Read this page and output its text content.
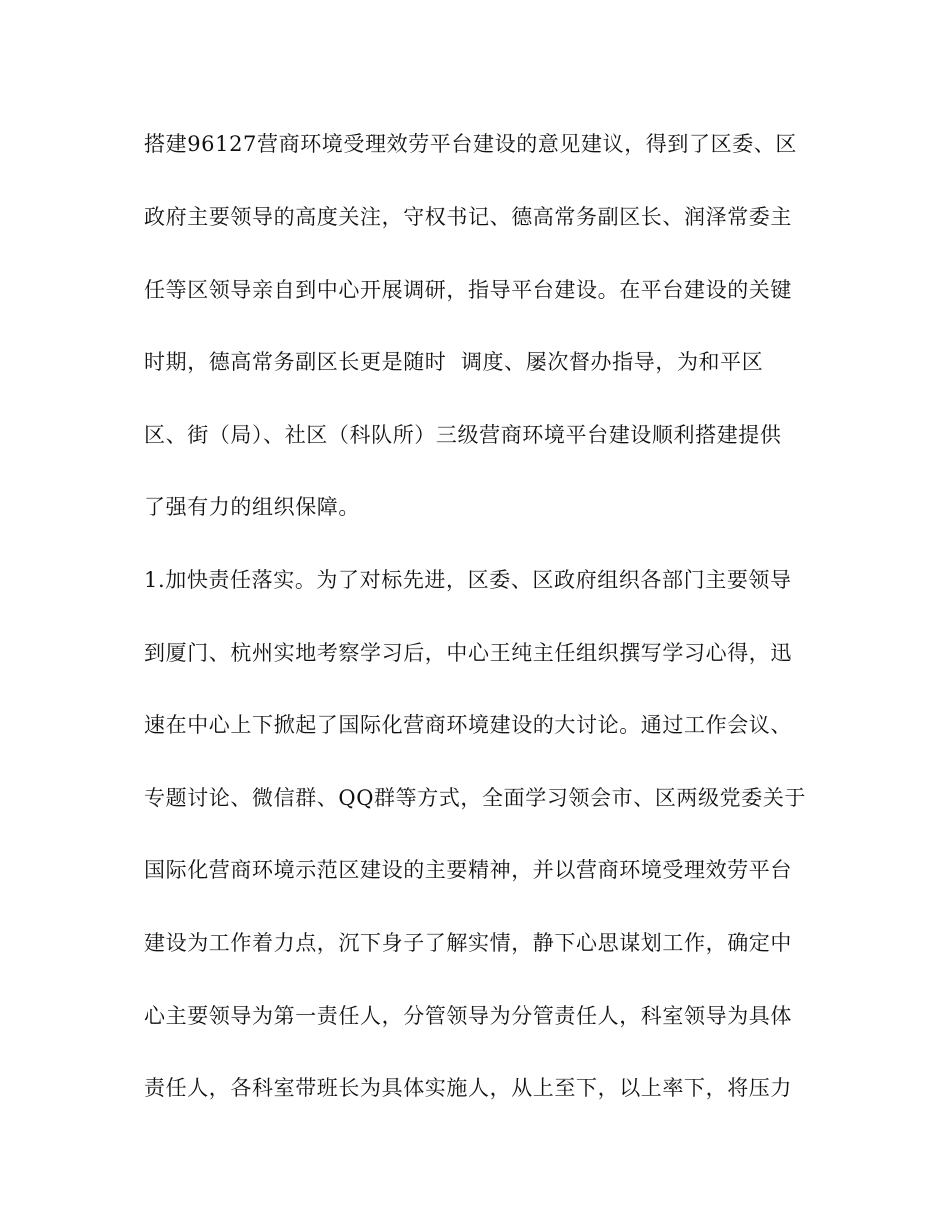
搭建96127营商环境受理效劳平台建设的意见建议，得到了区委、区
政府主要领导的高度关注，守权书记、德高常务副区长、润泽常委主
任等区领导亲自到中心开展调研，指导平台建设。在平台建设的关键
时期，德高常务副区长更是随时  调度、屡次督办指导，为和平区
区、街（局）、社区（科队所）三级营商环境平台建设顺利搭建提供
了强有力的组织保障。
1.加快责任落实。为了对标先进，区委、区政府组织各部门主要领导
到厦门、杭州实地考察学习后，中心王纯主任组织撰写学习心得，迅
速在中心上下掀起了国际化营商环境建设的大讨论。通过工作会议、
专题讨论、微信群、QQ群等方式，全面学习领会市、区两级党委关于
国际化营商环境示范区建设的主要精神，并以营商环境受理效劳平台
建设为工作着力点，沉下身子了解实情，静下心思谋划工作，确定中
心主要领导为第一责任人，分管领导为分管责任人，科室领导为具体
责任人，各科室带班长为具体实施人，从上至下，以上率下，将压力
